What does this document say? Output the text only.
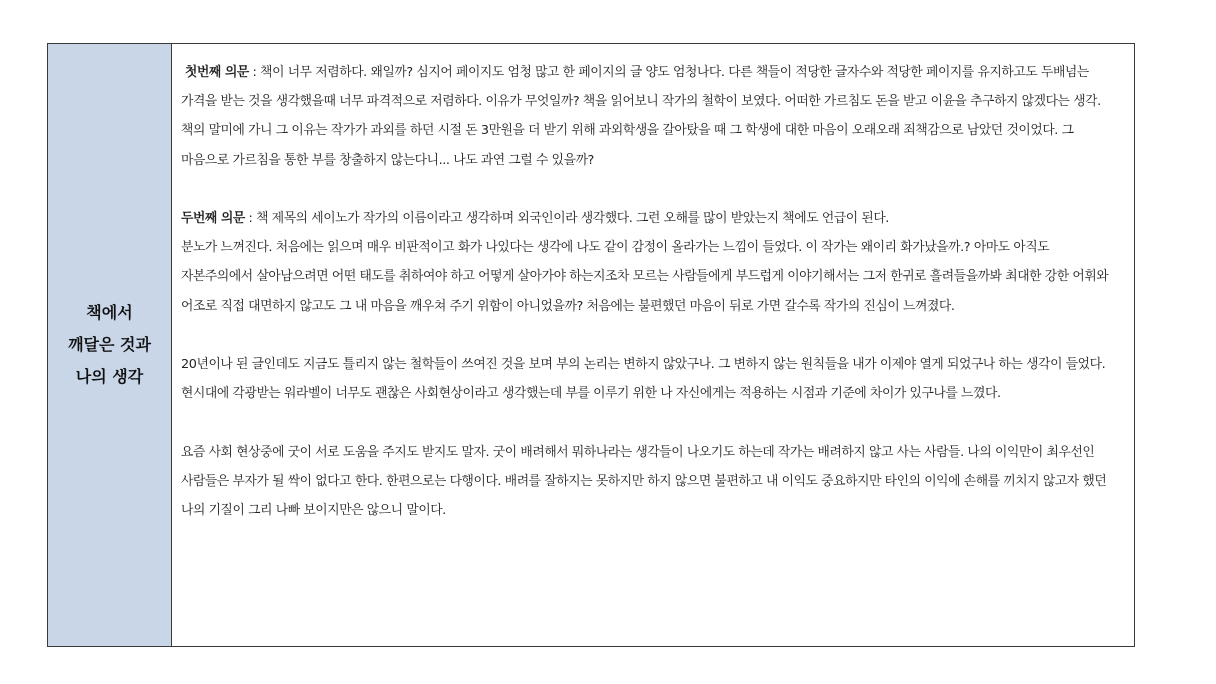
책에서
깨달은 것과
나의 생각

첫번째 의문 : 책이 너무 저렴하다. 왜일까? 심지어 페이지도 엄청 많고 한 페이지의 글 양도 엄청나다. 다른 책들이 적당한 글자수와 적당한 페이지를 유지하고도 두배넘는 가격을 받는 것을 생각했을때 너무 파격적으로 저렴하다. 이유가 무엇일까? 책을 읽어보니 작가의 철학이 보였다. 어떠한 가르침도 돈을 받고 이윤을 추구하지 않겠다는 생각. 책의 말미에 가니 그 이유는 작가가 과외를 하던 시절 돈 3만원을 더 받기 위해 과외학생을 갈아탔을 때 그 학생에 대한 마음이 오래오래 죄책감으로 남았던 것이었다. 그 마음으로 가르침을 통한 부를 창출하지 않는다니... 나도 과연 그럴 수 있을까?

두번째 의문 : 책 제목의 세이노가 작가의 이름이라고 생각하며 외국인이라 생각했다. 그런 오해를 많이 받았는지 책에도 언급이 된다.
분노가 느껴진다. 처음에는 읽으며 매우 비판적이고 화가 나있다는 생각에 나도 같이 감정이 올라가는 느낌이 들었다. 이 작가는 왜이리 화가났을까.? 아마도 아직도 자본주의에서 살아남으려면 어떤 태도를 취하여야 하고 어떻게 살아가야 하는지조차 모르는 사람들에게 부드럽게 이야기해서는 그저 한귀로 흘려들을까봐 최대한 강한 어휘와 어조로 직접 대면하지 않고도 그 내 마음을 깨우쳐 주기 위함이 아니었을까? 처음에는 불편했던 마음이 뒤로 가면 갈수록 작가의 진심이 느껴졌다.

20년이나 된 글인데도 지금도 틀리지 않는 철학들이 쓰여진 것을 보며 부의 논리는 변하지 않았구나. 그 변하지 않는 원칙들을 내가 이제야 열게 되었구나 하는 생각이 들었다. 현시대에 각광받는 워라벨이 너무도 괜찮은 사회현상이라고 생각했는데 부를 이루기 위한 나 자신에게는 적용하는 시점과 기준에 차이가 있구나를 느꼈다.

요즘 사회 현상중에 굿이 서로 도움을 주지도 받지도 말자. 굿이 배려해서 뭐하나라는 생각들이 나오기도 하는데 작가는 배려하지 않고 사는 사람들. 나의 이익만이 최우선인 사람들은 부자가 될 싹이 없다고 한다. 한편으로는 다행이다. 배려를 잘하지는 못하지만 하지 않으면 불편하고 내 이익도 중요하지만 타인의 이익에 손해를 끼치지 않고자 했던 나의 기질이 그리 나빠 보이지만은 않으니 말이다.
